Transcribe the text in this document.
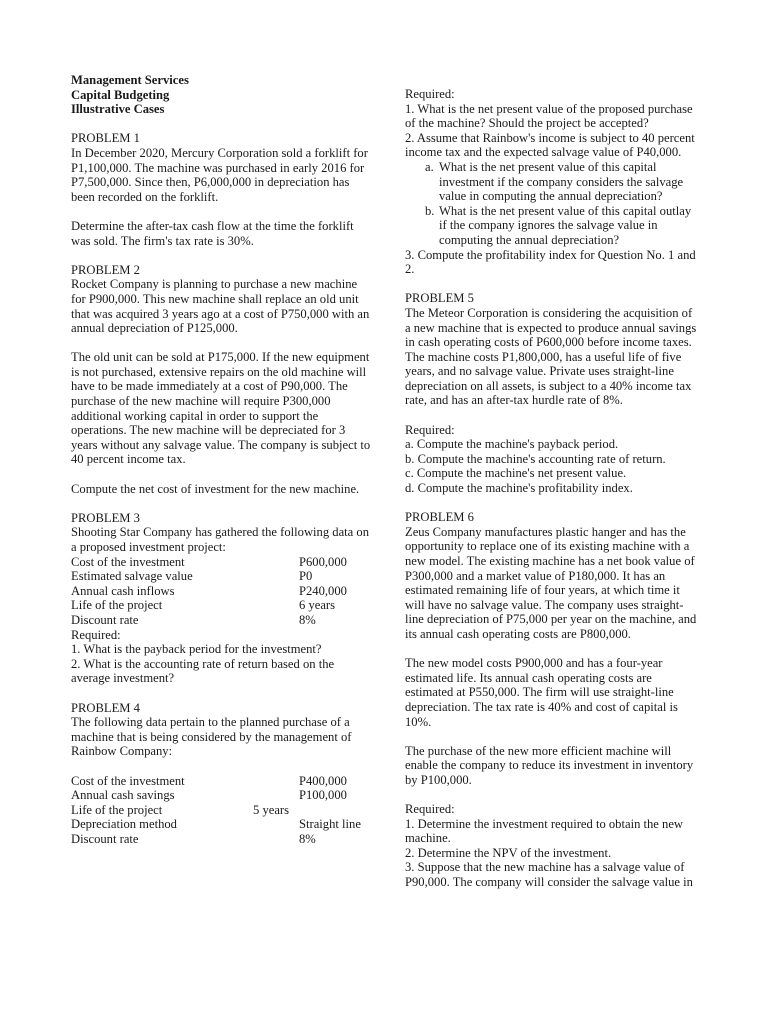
Management Services

Capital Budgeting

Illustrative Cases

PROBLEM 1

In December 2020, Mercury Corporation sold a forklift for P1,100,000. The machine was purchased in early 2016 for P7,500,000. Since then, P6,000,000 in depreciation has been recorded on the forklift.

Determine the after-tax cash flow at the time the forklift was sold. The firm's tax rate is 30%.

PROBLEM 2

Rocket Company is planning to purchase a new machine for P900,000. This new machine shall replace an old unit that was acquired 3 years ago at a cost of P750,000 with an annual depreciation of P125,000.

The old unit can be sold at P175,000. If the new equipment is not purchased, extensive repairs on the old machine will have to be made immediately at a cost of P90,000. The purchase of the new machine will require P300,000 additional working capital in order to support the operations. The new machine will be depreciated for 3 years without any salvage value. The company is subject to 40 percent income tax.

Compute the net cost of investment for the new machine.

PROBLEM 3

Shooting Star Company has gathered the following data on a proposed investment project:

Cost of the investment		P600,000
Estimated salvage value		P0
Annual cash inflows		P240,000
Life of the project		6 years
Discount rate		8%

Required:

1. What is the payback period for the investment?

2. What is the accounting rate of return based on the average investment?

PROBLEM 4

The following data pertain to the planned purchase of a machine that is being considered by the management of Rainbow Company:

Cost of the investment		P400,000	
Annual cash savings		P100,000	
Life of the project	5 years		
Depreciation method		Straight line	
Discount rate		8%	

Required:

1. What is the net present value of the proposed purchase of the machine? Should the project be accepted?

2. Assume that Rainbow's income is subject to 40 percent income tax and the expected salvage value of P40,000.

a. What is the net present value of this capital investment if the company considers the salvage value in computing the annual depreciation?
b. What is the net present value of this capital outlay if the company ignores the salvage value in computing the annual depreciation?

3. Compute the profitability index for Question No. 1 and 2.

PROBLEM 5

The Meteor Corporation is considering the acquisition of a new machine that is expected to produce annual savings in cash operating costs of P600,000 before income taxes. The machine costs P1,800,000, has a useful life of five years, and no salvage value. Private uses straight-line depreciation on all assets, is subject to a 40% income tax rate, and has an after-tax hurdle rate of 8%.

Required:

a. Compute the machine's payback period.

b. Compute the machine's accounting rate of return.

c. Compute the machine's net present value.

d. Compute the machine's profitability index.

PROBLEM 6

Zeus Company manufactures plastic hanger and has the opportunity to replace one of its existing machine with a new model. The existing machine has a net book value of P300,000 and a market value of P180,000. It has an estimated remaining life of four years, at which time it will have no salvage value. The company uses straight-line depreciation of P75,000 per year on the machine, and its annual cash operating costs are P800,000.

The new model costs P900,000 and has a four-year estimated life. Its annual cash operating costs are estimated at P550,000. The firm will use straight-line depreciation. The tax rate is 40% and cost of capital is 10%.

The purchase of the new more efficient machine will enable the company to reduce its investment in inventory by P100,000.

Required:

1. Determine the investment required to obtain the new machine.

2. Determine the NPV of the investment.

3. Suppose that the new machine has a salvage value of P90,000. The company will consider the salvage value in
